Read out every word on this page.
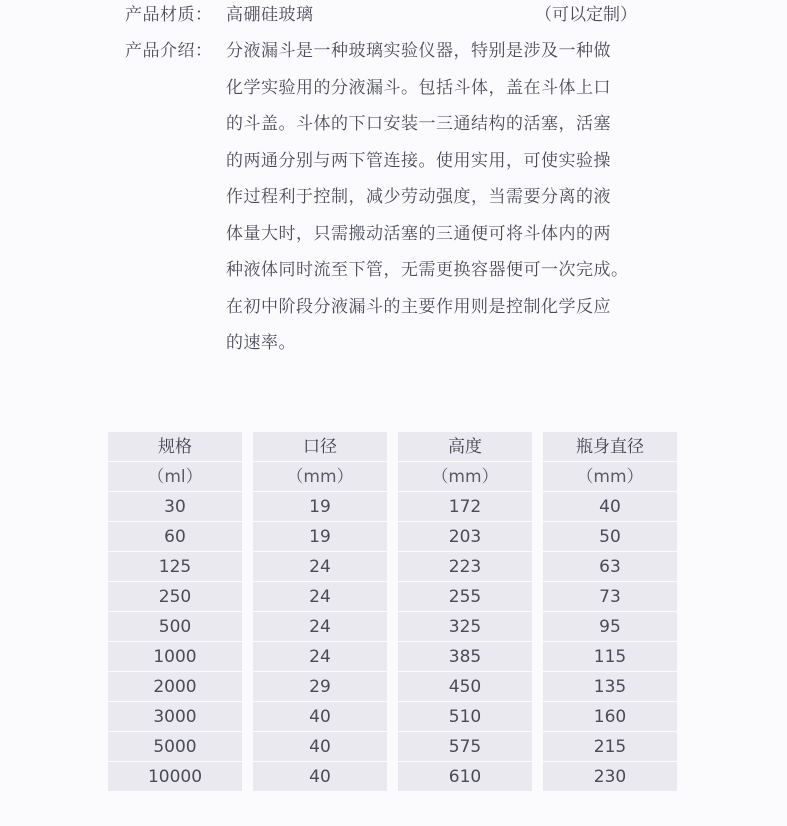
产品材质： 高硼硅玻璃	（可以定制）
产品介绍： 分液漏斗是一种玻璃实验仪器，特别是涉及一种做
化学实验用的分液漏斗。包括斗体，盖在斗体上口
的斗盖。斗体的下口安装一三通结构的活塞，活塞
的两通分别与两下管连接。使用实用，可使实验操
作过程利于控制，减少劳动强度，当需要分离的液
体量大时，只需搬动活塞的三通便可将斗体内的两
种液体同时流至下管，无需更换容器便可一次完成。
在初中阶段分液漏斗的主要作用则是控制化学反应
的速率。
规格
（ml）
30
60
125
250
500
1000
2000
3000
5000
10000
口径
（mm）
19
19
24
24
24
24
29
40
40
40
高度
（mm）
172
203
223
255
325
385
450
510
575
610
瓶身直径
（mm）
40
50
63
73
95
115
135
160
215
230
